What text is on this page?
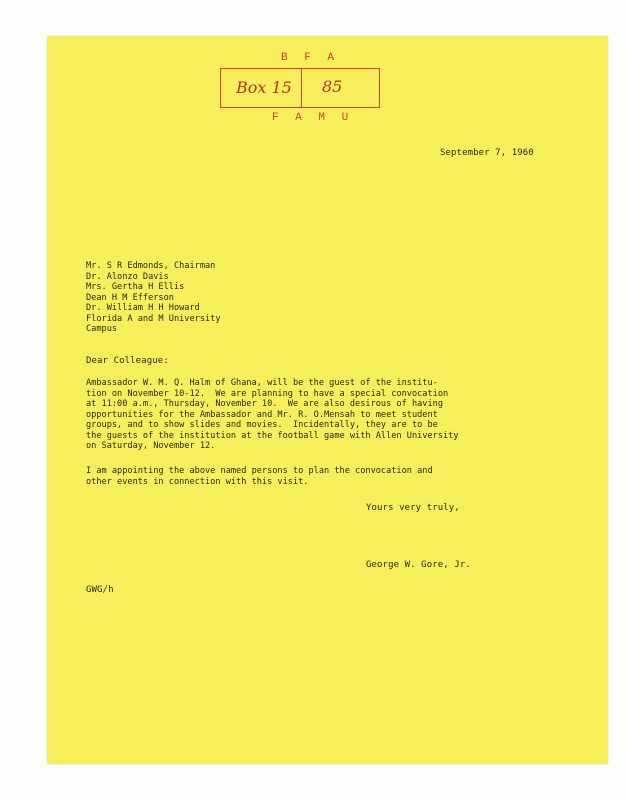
B F A
Box 15 85
F A M U
September 7, 1960
Mr. S R Edmonds, Chairman
Dr. Alonzo Davis
Mrs. Gertha H Ellis
Dean H M Efferson
Dr. William H H Howard
Florida A and M University
Campus
Dear Colleague:
Ambassador W. M. Q. Halm of Ghana, will be the guest of the institu-
tion on November 10-12.  We are planning to have a special convocation
at 11:00 a.m., Thursday, November 10.  We are also desirous of having
opportunities for the Ambassador and Mr. R. O.Mensah to meet student
groups, and to show slides and movies.  Incidentally, they are to be
the guests of the institution at the football game with Allen University
on Saturday, November 12.
I am appointing the above named persons to plan the convocation and
other events in connection with this visit.
Yours very truly,
George W. Gore, Jr.
GWG/h
